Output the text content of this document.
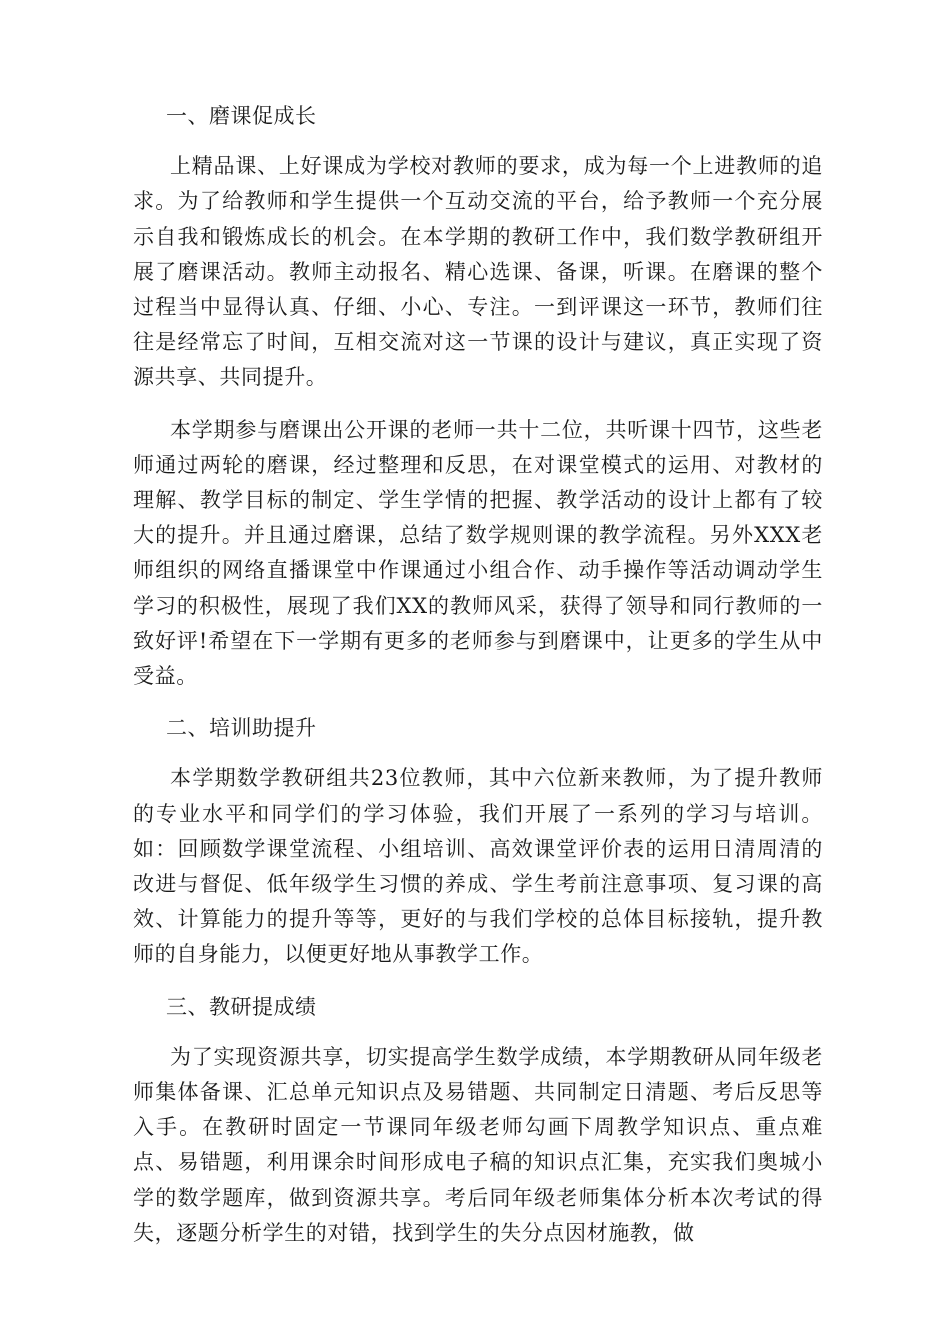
一、磨课促成长
上精品课、上好课成为学校对教师的要求，成为每一个上进教师的追求。为了给教师和学生提供一个互动交流的平台，给予教师一个充分展示自我和锻炼成长的机会。在本学期的教研工作中，我们数学教研组开展了磨课活动。教师主动报名、精心选课、备课，听课。在磨课的整个过程当中显得认真、仔细、小心、专注。一到评课这一环节，教师们往往是经常忘了时间，互相交流对这一节课的设计与建议，真正实现了资源共享、共同提升。
本学期参与磨课出公开课的老师一共十二位，共听课十四节，这些老师通过两轮的磨课，经过整理和反思，在对课堂模式的运用、对教材的理解、教学目标的制定、学生学情的把握、教学活动的设计上都有了较大的提升。并且通过磨课，总结了数学规则课的教学流程。另外XXX老师组织的网络直播课堂中作课通过小组合作、动手操作等活动调动学生学习的积极性，展现了我们XX的教师风采，获得了领导和同行教师的一致好评!希望在下一学期有更多的老师参与到磨课中，让更多的学生从中受益。
二、培训助提升
本学期数学教研组共23位教师，其中六位新来教师，为了提升教师的专业水平和同学们的学习体验，我们开展了一系列的学习与培训。如：回顾数学课堂流程、小组培训、高效课堂评价表的运用日清周清的改进与督促、低年级学生习惯的养成、学生考前注意事项、复习课的高效、计算能力的提升等等，更好的与我们学校的总体目标接轨，提升教师的自身能力，以便更好地从事教学工作。
三、教研提成绩
为了实现资源共享，切实提高学生数学成绩，本学期教研从同年级老师集体备课、汇总单元知识点及易错题、共同制定日清题、考后反思等入手。在教研时固定一节课同年级老师勾画下周教学知识点、重点难点、易错题，利用课余时间形成电子稿的知识点汇集，充实我们奥城小学的数学题库，做到资源共享。考后同年级老师集体分析本次考试的得失，逐题分析学生的对错，找到学生的失分点因材施教，做
